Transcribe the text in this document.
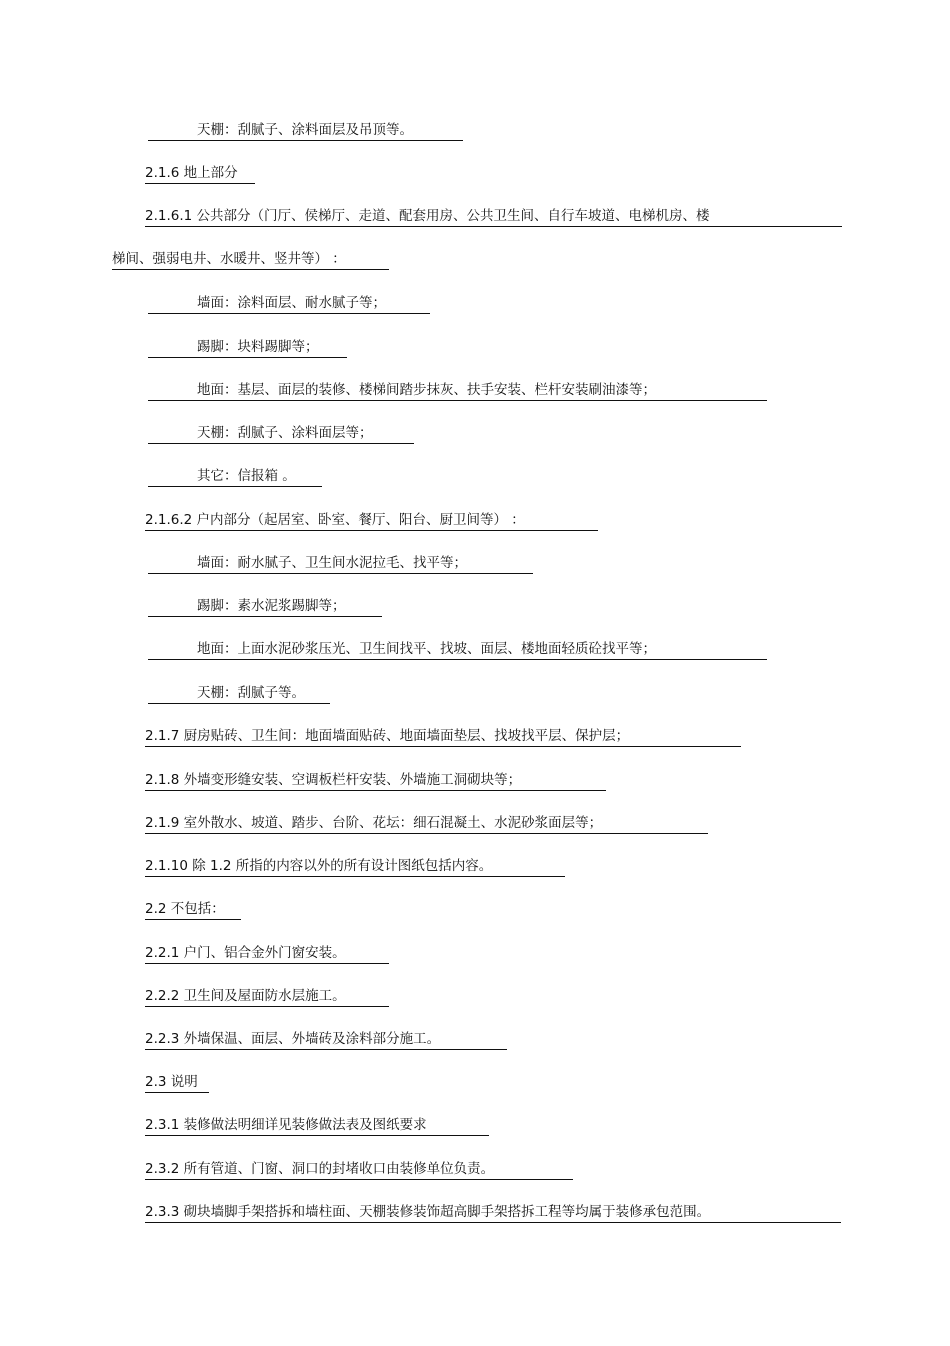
天棚：刮腻子、涂料面层及吊顶等。
2.1.6 地上部分
2.1.6.1 公共部分（门厅、侯梯厅、走道、配套用房、公共卫生间、自行车坡道、电梯机房、楼
梯间、强弱电井、水暖井、竖井等） ：
墙面：涂料面层、耐水腻子等；
踢脚：块料踢脚等；
地面：基层、面层的装修、楼梯间踏步抹灰、扶手安装、栏杆安装刷油漆等；
天棚：刮腻子、涂料面层等；
其它：信报箱 。
2.1.6.2 户内部分（起居室、卧室、餐厅、阳台、厨卫间等） ：
墙面：耐水腻子、卫生间水泥拉毛、找平等；
踢脚：素水泥浆踢脚等；
地面：上面水泥砂浆压光、卫生间找平、找坡、面层、楼地面轻质砼找平等；
天棚：刮腻子等。
2.1.7 厨房贴砖、卫生间：地面墙面贴砖、地面墙面垫层、找坡找平层、保护层；
2.1.8 外墙变形缝安装、空调板栏杆安装、外墙施工洞砌块等；
2.1.9 室外散水、坡道、踏步、台阶、花坛：细石混凝土、水泥砂浆面层等；
2.1.10 除 1.2 所指的内容以外的所有设计图纸包括内容。
2.2 不包括：
2.2.1 户门、铝合金外门窗安装。
2.2.2 卫生间及屋面防水层施工。
2.2.3 外墙保温、面层、外墙砖及涂料部分施工。
2.3 说明
2.3.1 装修做法明细详见装修做法表及图纸要求
2.3.2 所有管道、门窗、洞口的封堵收口由装修单位负责。
2.3.3 砌块墙脚手架搭拆和墙柱面、天棚装修装饰超高脚手架搭拆工程等均属于装修承包范围。
